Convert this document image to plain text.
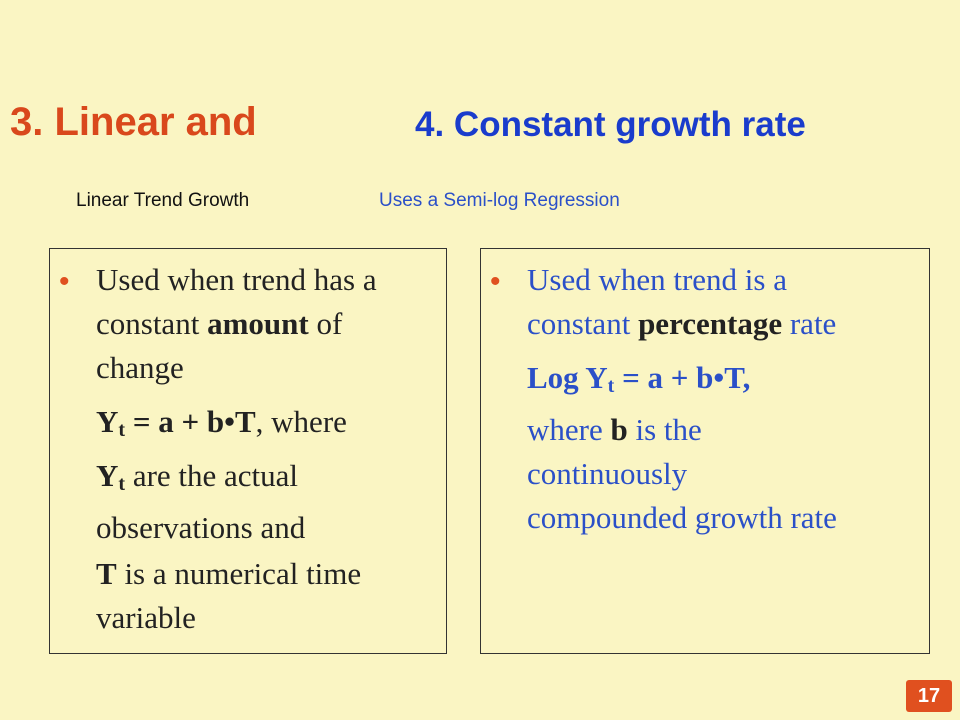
3. Linear and	4. Constant growth rate
Linear Trend Growth	Uses a Semi-log Regression
• Used when trend has a
constant amount of
change

Yt = a + b•T, where

Yt are the actual
observations and

T is a numerical time
variable

• Used when trend is a
constant percentage rate

Log Yt = a + b•T,

where b is the
continuously
compounded growth rate

17
